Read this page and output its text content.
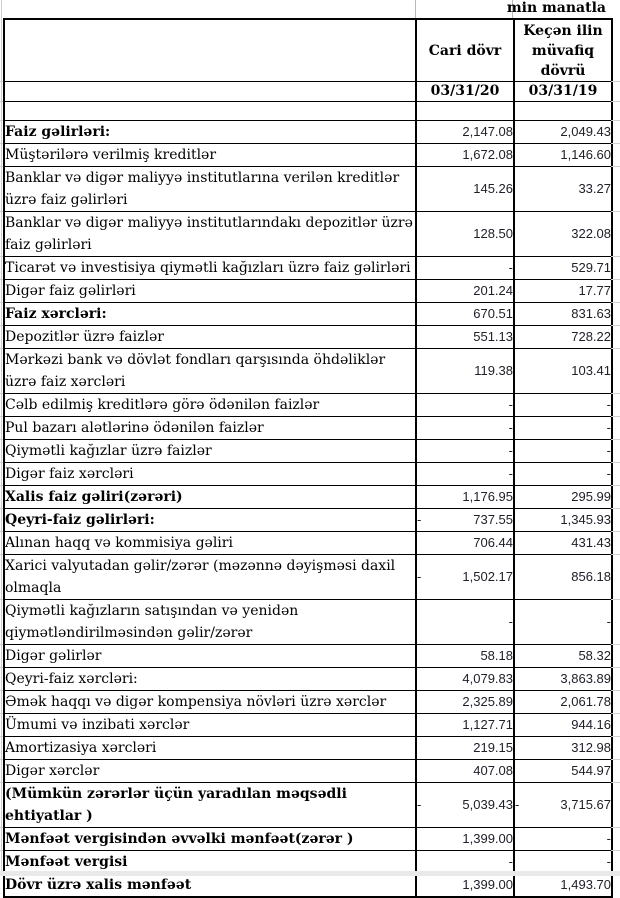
min manatla
	Cari dövr	Keçən ilin müvafiq dövrü
	03/31/20	03/31/19

Faiz gəlirləri:	2,147.08	2,049.43
Müştərilərə verilmiş kreditlər	1,672.08	1,146.60
Banklar və digər maliyyə institutlarına verilən kreditlər üzrə faiz gəlirləri	145.26	33.27
Banklar və digər maliyyə institutlarındakı depozitlər üzrə faiz gəlirləri	128.50	322.08
Ticarət və investisiya qiymətli kağızları üzrə faiz gəlirləri	-	529.71
Digər faiz gəlirləri	201.24	17.77
Faiz xərcləri:	670.51	831.63
Depozitlər üzrə faizlər	551.13	728.22
Mərkəzi bank və dövlət fondları qarşısında öhdəliklər üzrə faiz xərcləri	119.38	103.41
Cəlb edilmiş kreditlərə görə ödənilən faizlər	-	-
Pul bazarı alətlərinə ödənilən faizlər	-	-
Qiymətli kağızlar üzrə faizlər	-	-
Digər faiz xərcləri	-	-
Xalis faiz gəliri(zərəri)	1,176.95	295.99
Qeyri-faiz gəlirləri:	- 737.55	1,345.93
Alınan haqq və kommisiya gəliri	706.44	431.43
Xarici valyutadan gəlir/zərər (məzənnə dəyişməsi daxil olmaqla	- 1,502.17	856.18
Qiymətli kağızların satışından və yenidən qiymətləndirilməsindən gəlir/zərər	-	-
Digər gəlirlər	58.18	58.32
Qeyri-faiz xərcləri:	4,079.83	3,863.89
Əmək haqqı və digər kompensiya növləri üzrə xərclər	2,325.89	2,061.78
Ümumi və inzibati xərclər	1,127.71	944.16
Amortizasiya xərcləri	219.15	312.98
Digər xərclər	407.08	544.97
(Mümkün zərərlər üçün yaradılan məqsədli ehtiyatlar )	- 5,039.43	- 3,715.67

Mənfəət vergisindən əvvəlki mənfəət(zərər )	1,399.00	-
Mənfəət vergisi	-	-
Dövr üzrə xalis mənfəət	1,399.00	1,493.70
